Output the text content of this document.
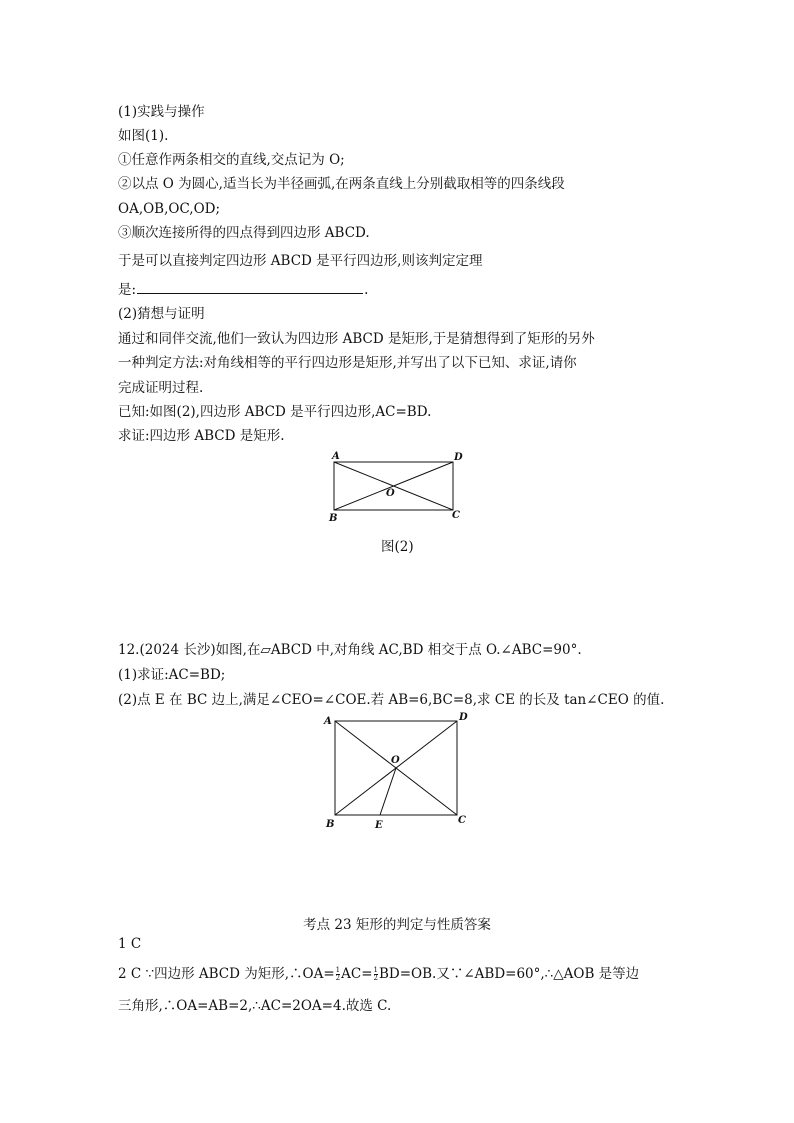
(1)实践与操作
如图(1).
①任意作两条相交的直线,交点记为 O;
②以点 O 为圆心,适当长为半径画弧,在两条直线上分别截取相等的四条线段
OA,OB,OC,OD;
③顺次连接所得的四点得到四边形 ABCD.
于是可以直接判定四边形 ABCD 是平行四边形,则该判定定理
是:	.
(2)猜想与证明
通过和同伴交流,他们一致认为四边形 ABCD 是矩形,于是猜想得到了矩形的另外
一种判定方法:对角线相等的平行四边形是矩形,并写出了以下已知、求证,请你
完成证明过程.
已知:如图(2),四边形 ABCD 是平行四边形,AC=BD.
求证:四边形 ABCD 是矩形.
A	D
B	C
O
图(2)
12.(2024 长沙)如图,在▱ABCD 中,对角线 AC,BD 相交于点 O.∠ABC=90°.
(1)求证:AC=BD;
(2)点 E 在 BC 边上,满足∠CEO=∠COE.若 AB=6,BC=8,求 CE 的长及 tan∠CEO 的值.
A	D
B	C
O
E
考点 23 矩形的判定与性质答案
1 C
2 C ∵四边形 ABCD 为矩形,∴OA= $\frac{1}{2} AC= \frac{1}{2} BD=OB$.又∵∠ABD=60°,∴△AOB 是等边
三角形,∴OA=AB=2,∴AC=2OA=4.故选 C.
